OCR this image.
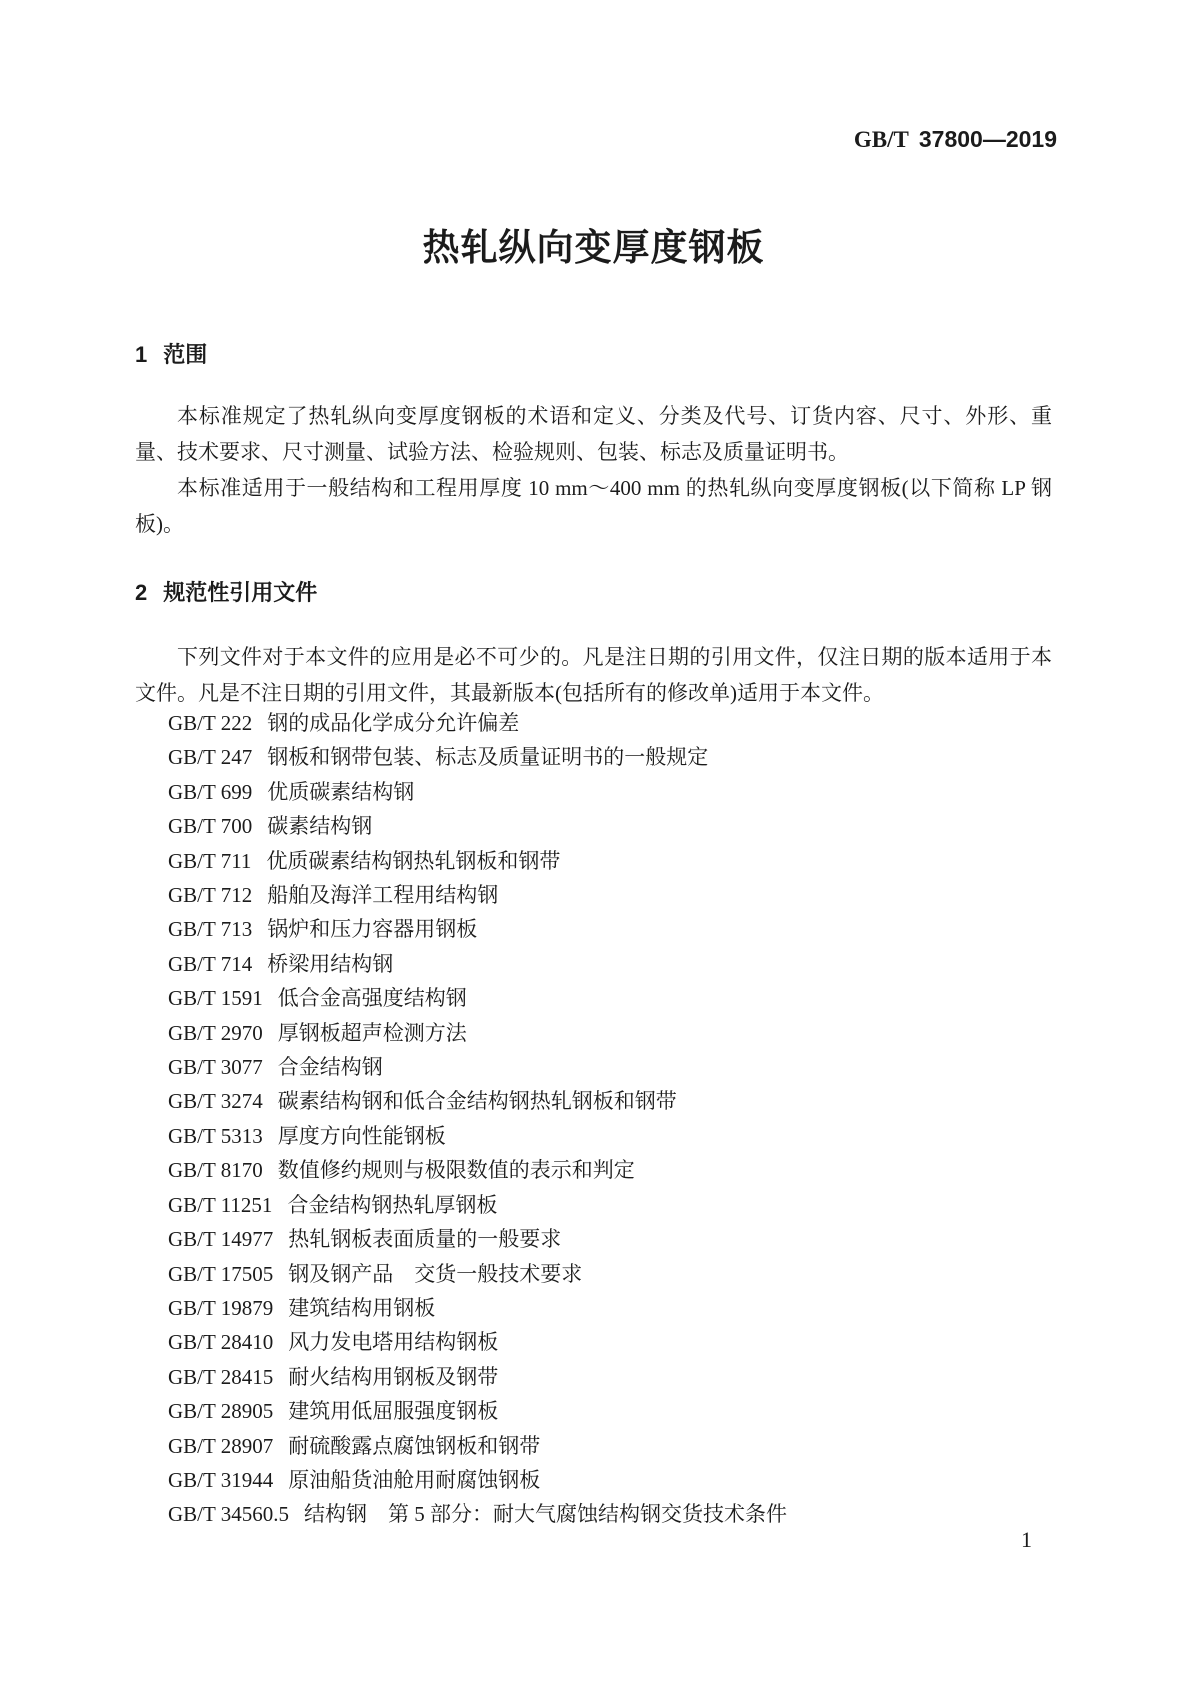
GB/T 37800—2019
热轧纵向变厚度钢板
1 范围

本标准规定了热轧纵向变厚度钢板的术语和定义、分类及代号、订货内容、尺寸、外形、重量、技术要求、尺寸测量、试验方法、检验规则、包装、标志及质量证明书。

本标准适用于一般结构和工程用厚度 10 mm～400 mm 的热轧纵向变厚度钢板(以下简称 LP 钢板)。

2 规范性引用文件

下列文件对于本文件的应用是必不可少的。凡是注日期的引用文件，仅注日期的版本适用于本文件。凡是不注日期的引用文件，其最新版本(包括所有的修改单)适用于本文件。

GB/T 222 钢的成品化学成分允许偏差
GB/T 247 钢板和钢带包装、标志及质量证明书的一般规定
GB/T 699 优质碳素结构钢
GB/T 700 碳素结构钢
GB/T 711 优质碳素结构钢热轧钢板和钢带
GB/T 712 船舶及海洋工程用结构钢
GB/T 713 锅炉和压力容器用钢板
GB/T 714 桥梁用结构钢
GB/T 1591 低合金高强度结构钢
GB/T 2970 厚钢板超声检测方法
GB/T 3077 合金结构钢
GB/T 3274 碳素结构钢和低合金结构钢热轧钢板和钢带
GB/T 5313 厚度方向性能钢板
GB/T 8170 数值修约规则与极限数值的表示和判定
GB/T 11251 合金结构钢热轧厚钢板
GB/T 14977 热轧钢板表面质量的一般要求
GB/T 17505 钢及钢产品　交货一般技术要求
GB/T 19879 建筑结构用钢板
GB/T 28410 风力发电塔用结构钢板
GB/T 28415 耐火结构用钢板及钢带
GB/T 28905 建筑用低屈服强度钢板
GB/T 28907 耐硫酸露点腐蚀钢板和钢带
GB/T 31944 原油船货油舱用耐腐蚀钢板
GB/T 34560.5 结构钢　第 5 部分：耐大气腐蚀结构钢交货技术条件
1
